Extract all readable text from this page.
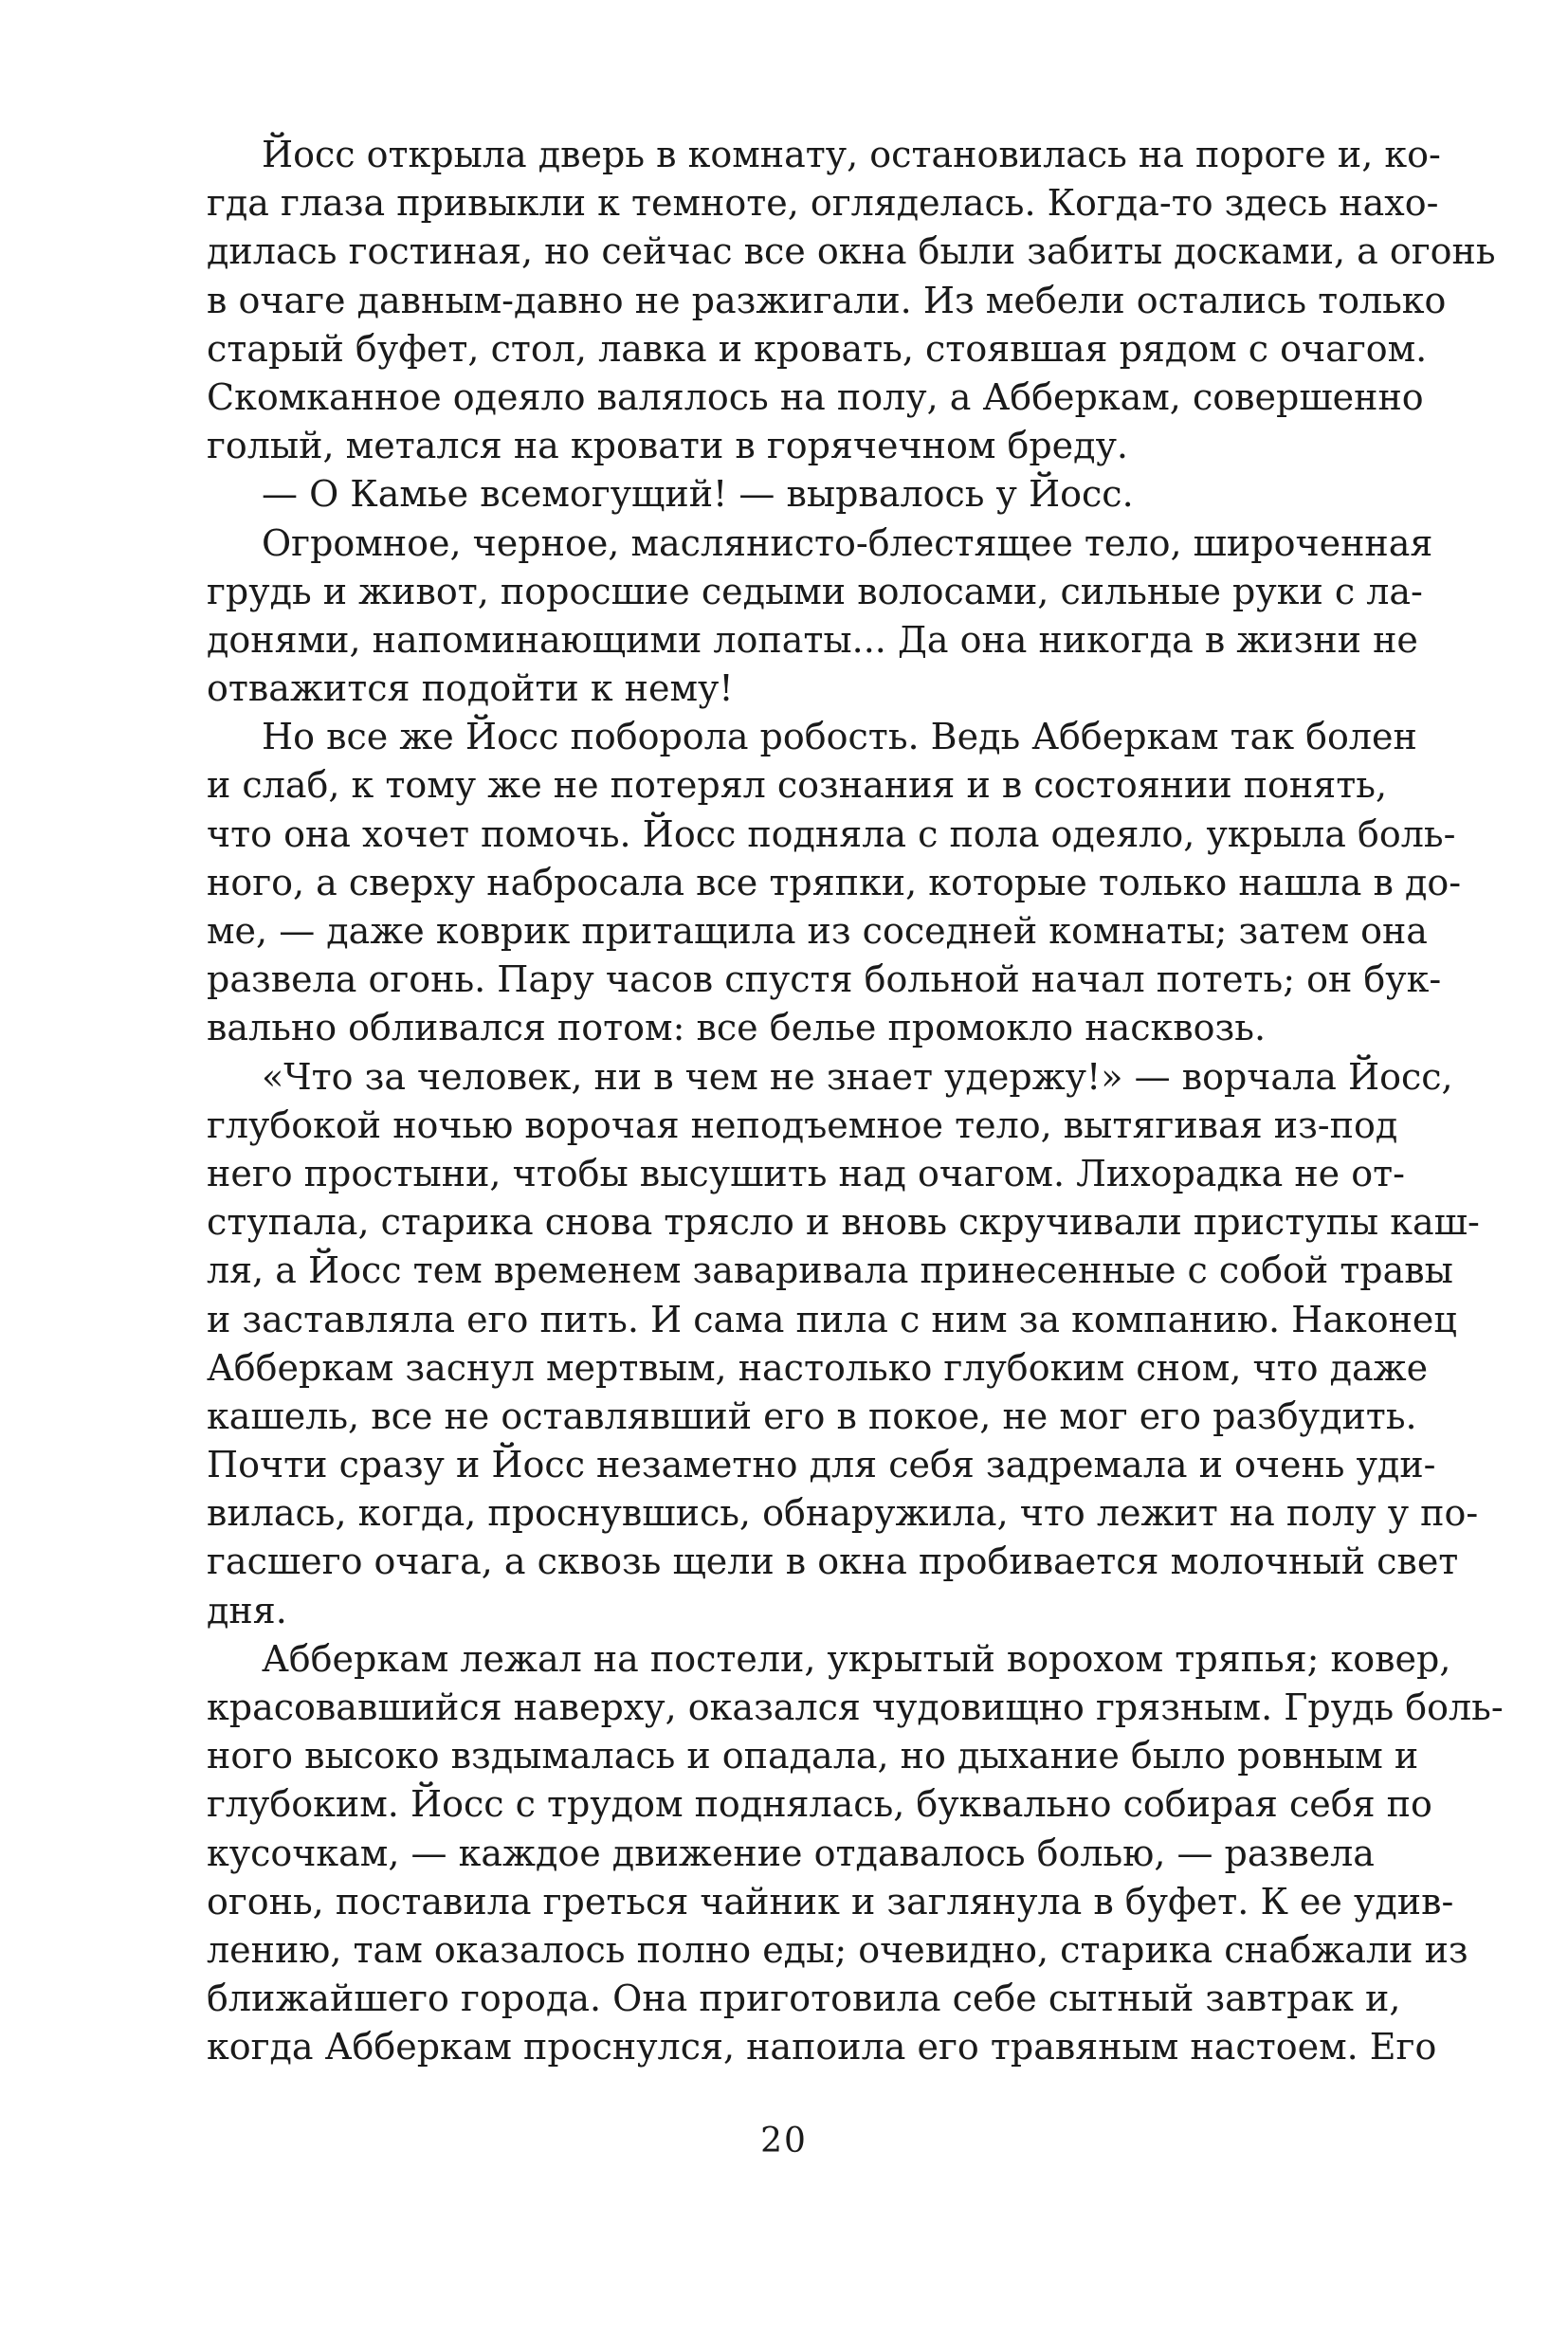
Йосс открыла дверь в комнату, остановилась на пороге и, ко-
гда глаза привыкли к темноте, огляделась. Когда-то здесь нахо-
дилась гостиная, но сейчас все окна были забиты досками, а огонь
в очаге давным-давно не разжигали. Из мебели остались только
старый буфет, стол, лавка и кровать, стоявшая рядом с очагом.
Скомканное одеяло валялось на полу, а Абберкам, совершенно
голый, метался на кровати в горячечном бреду.
— О Камье всемогущий! — вырвалось у Йосс.
Огромное, черное, маслянисто-блестящее тело, широченная
грудь и живот, поросшие седыми волосами, сильные руки с ла-
донями, напоминающими лопаты... Да она никогда в жизни не
отважится подойти к нему!
Но все же Йосс поборола робость. Ведь Абберкам так болен
и слаб, к тому же не потерял сознания и в состоянии понять,
что она хочет помочь. Йосс подняла с пола одеяло, укрыла боль-
ного, а сверху набросала все тряпки, которые только нашла в до-
ме, — даже коврик притащила из соседней комнаты; затем она
развела огонь. Пару часов спустя больной начал потеть; он бук-
вально обливался потом: все белье промокло насквозь.
«Что за человек, ни в чем не знает удержу!» — ворчала Йосс,
глубокой ночью ворочая неподъемное тело, вытягивая из-под
него простыни, чтобы высушить над очагом. Лихорадка не от-
ступала, старика снова трясло и вновь скручивали приступы каш-
ля, а Йосс тем временем заваривала принесенные с собой травы
и заставляла его пить. И сама пила с ним за компанию. Наконец
Абберкам заснул мертвым, настолько глубоким сном, что даже
кашель, все не оставлявший его в покое, не мог его разбудить.
Почти сразу и Йосс незаметно для себя задремала и очень уди-
вилась, когда, проснувшись, обнаружила, что лежит на полу у по-
гасшего очага, а сквозь щели в окна пробивается молочный свет
дня.
Абберкам лежал на постели, укрытый ворохом тряпья; ковер,
красовавшийся наверху, оказался чудовищно грязным. Грудь боль-
ного высоко вздымалась и опадала, но дыхание было ровным и
глубоким. Йосс с трудом поднялась, буквально собирая себя по
кусочкам, — каждое движение отдавалось болью, — развела
огонь, поставила греться чайник и заглянула в буфет. К ее удив-
лению, там оказалось полно еды; очевидно, старика снабжали из
ближайшего города. Она приготовила себе сытный завтрак и,
когда Абберкам проснулся, напоила его травяным настоем. Его
20
